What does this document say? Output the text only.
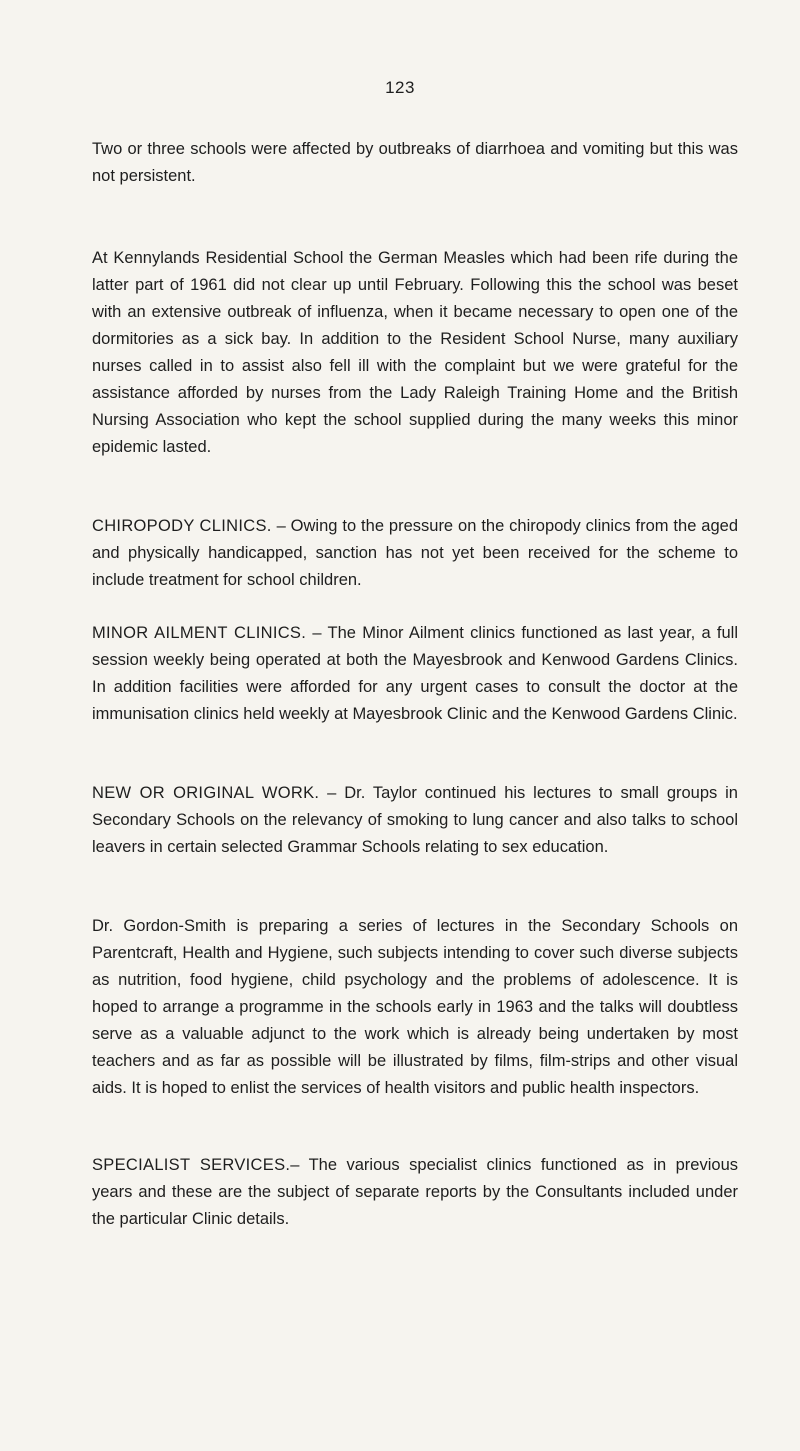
123

Two or three schools were affected by outbreaks of diarrhoea and vomiting but this was not persistent.

At Kennylands Residential School the German Measles which had been rife during the latter part of 1961 did not clear up until February. Following this the school was beset with an extensive outbreak of influenza, when it became necessary to open one of the dormitories as a sick bay. In addition to the Resident School Nurse, many auxiliary nurses called in to assist also fell ill with the complaint but we were grateful for the assistance afforded by nurses from the Lady Raleigh Training Home and the British Nursing Association who kept the school supplied during the many weeks this minor epidemic lasted.

CHIROPODY CLINICS. – Owing to the pressure on the chiropody clinics from the aged and physically handicapped, sanction has not yet been received for the scheme to include treatment for school children.

MINOR AILMENT CLINICS. – The Minor Ailment clinics functioned as last year, a full session weekly being operated at both the Mayesbrook and Kenwood Gardens Clinics. In addition facilities were afforded for any urgent cases to consult the doctor at the immunisation clinics held weekly at Mayesbrook Clinic and the Kenwood Gardens Clinic.

NEW OR ORIGINAL WORK. – Dr. Taylor continued his lectures to small groups in Secondary Schools on the relevancy of smoking to lung cancer and also talks to school leavers in certain selected Grammar Schools relating to sex education.

Dr. Gordon-Smith is preparing a series of lectures in the Secondary Schools on Parentcraft, Health and Hygiene, such subjects intending to cover such diverse subjects as nutrition, food hygiene, child psychology and the problems of adolescence. It is hoped to arrange a programme in the schools early in 1963 and the talks will doubtless serve as a valuable adjunct to the work which is already being undertaken by most teachers and as far as possible will be illustrated by films, film-strips and other visual aids. It is hoped to enlist the services of health visitors and public health inspectors.

SPECIALIST SERVICES.– The various specialist clinics functioned as in previous years and these are the subject of separate reports by the Consultants included under the particular Clinic details.
